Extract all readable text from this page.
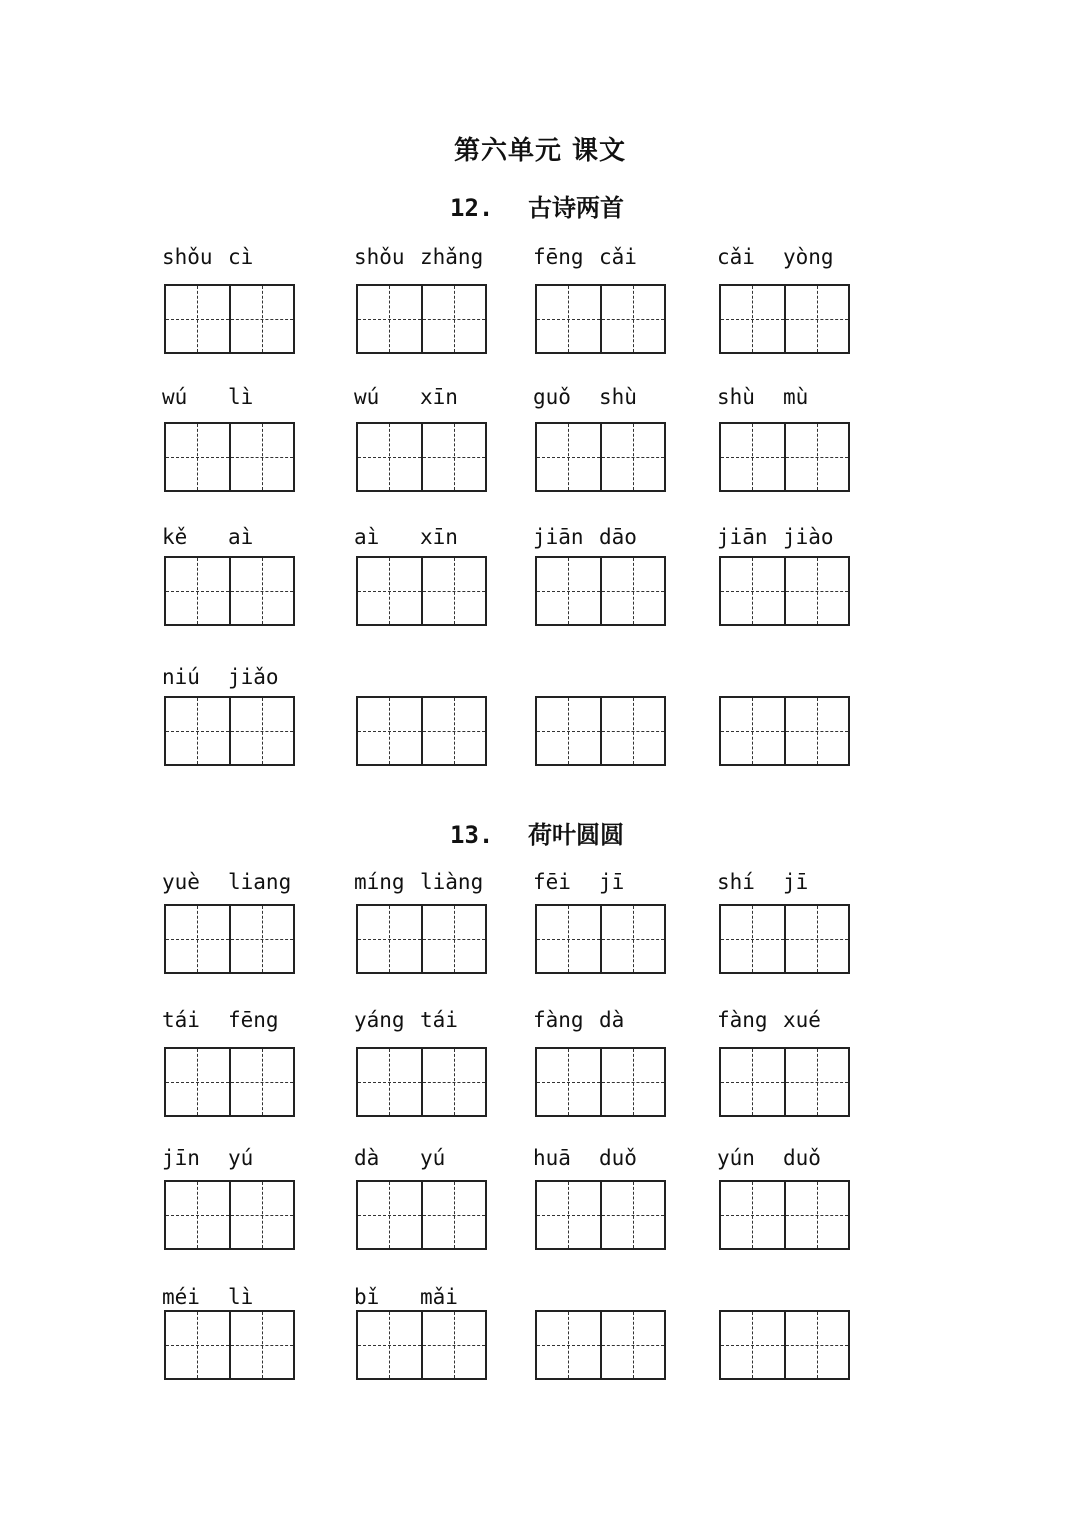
第六单元 课文
12. 古诗两首
13. 荷叶圆圆
shǒu cì	shǒu zhǎng	fēng cǎi	cǎi yòng
wú lì	wú xīn	guǒ shù	shù mù
kě aì	aì xīn	jiān dāo	jiān jiào
niú jiǎo
yuè liang	míng liàng	fēi jī	shí jī
tái fēng	yáng tái	fàng dà	fàng xué
jīn yú	dà yú	huā duǒ	yún duǒ
méi lì	bǐ mǎi
